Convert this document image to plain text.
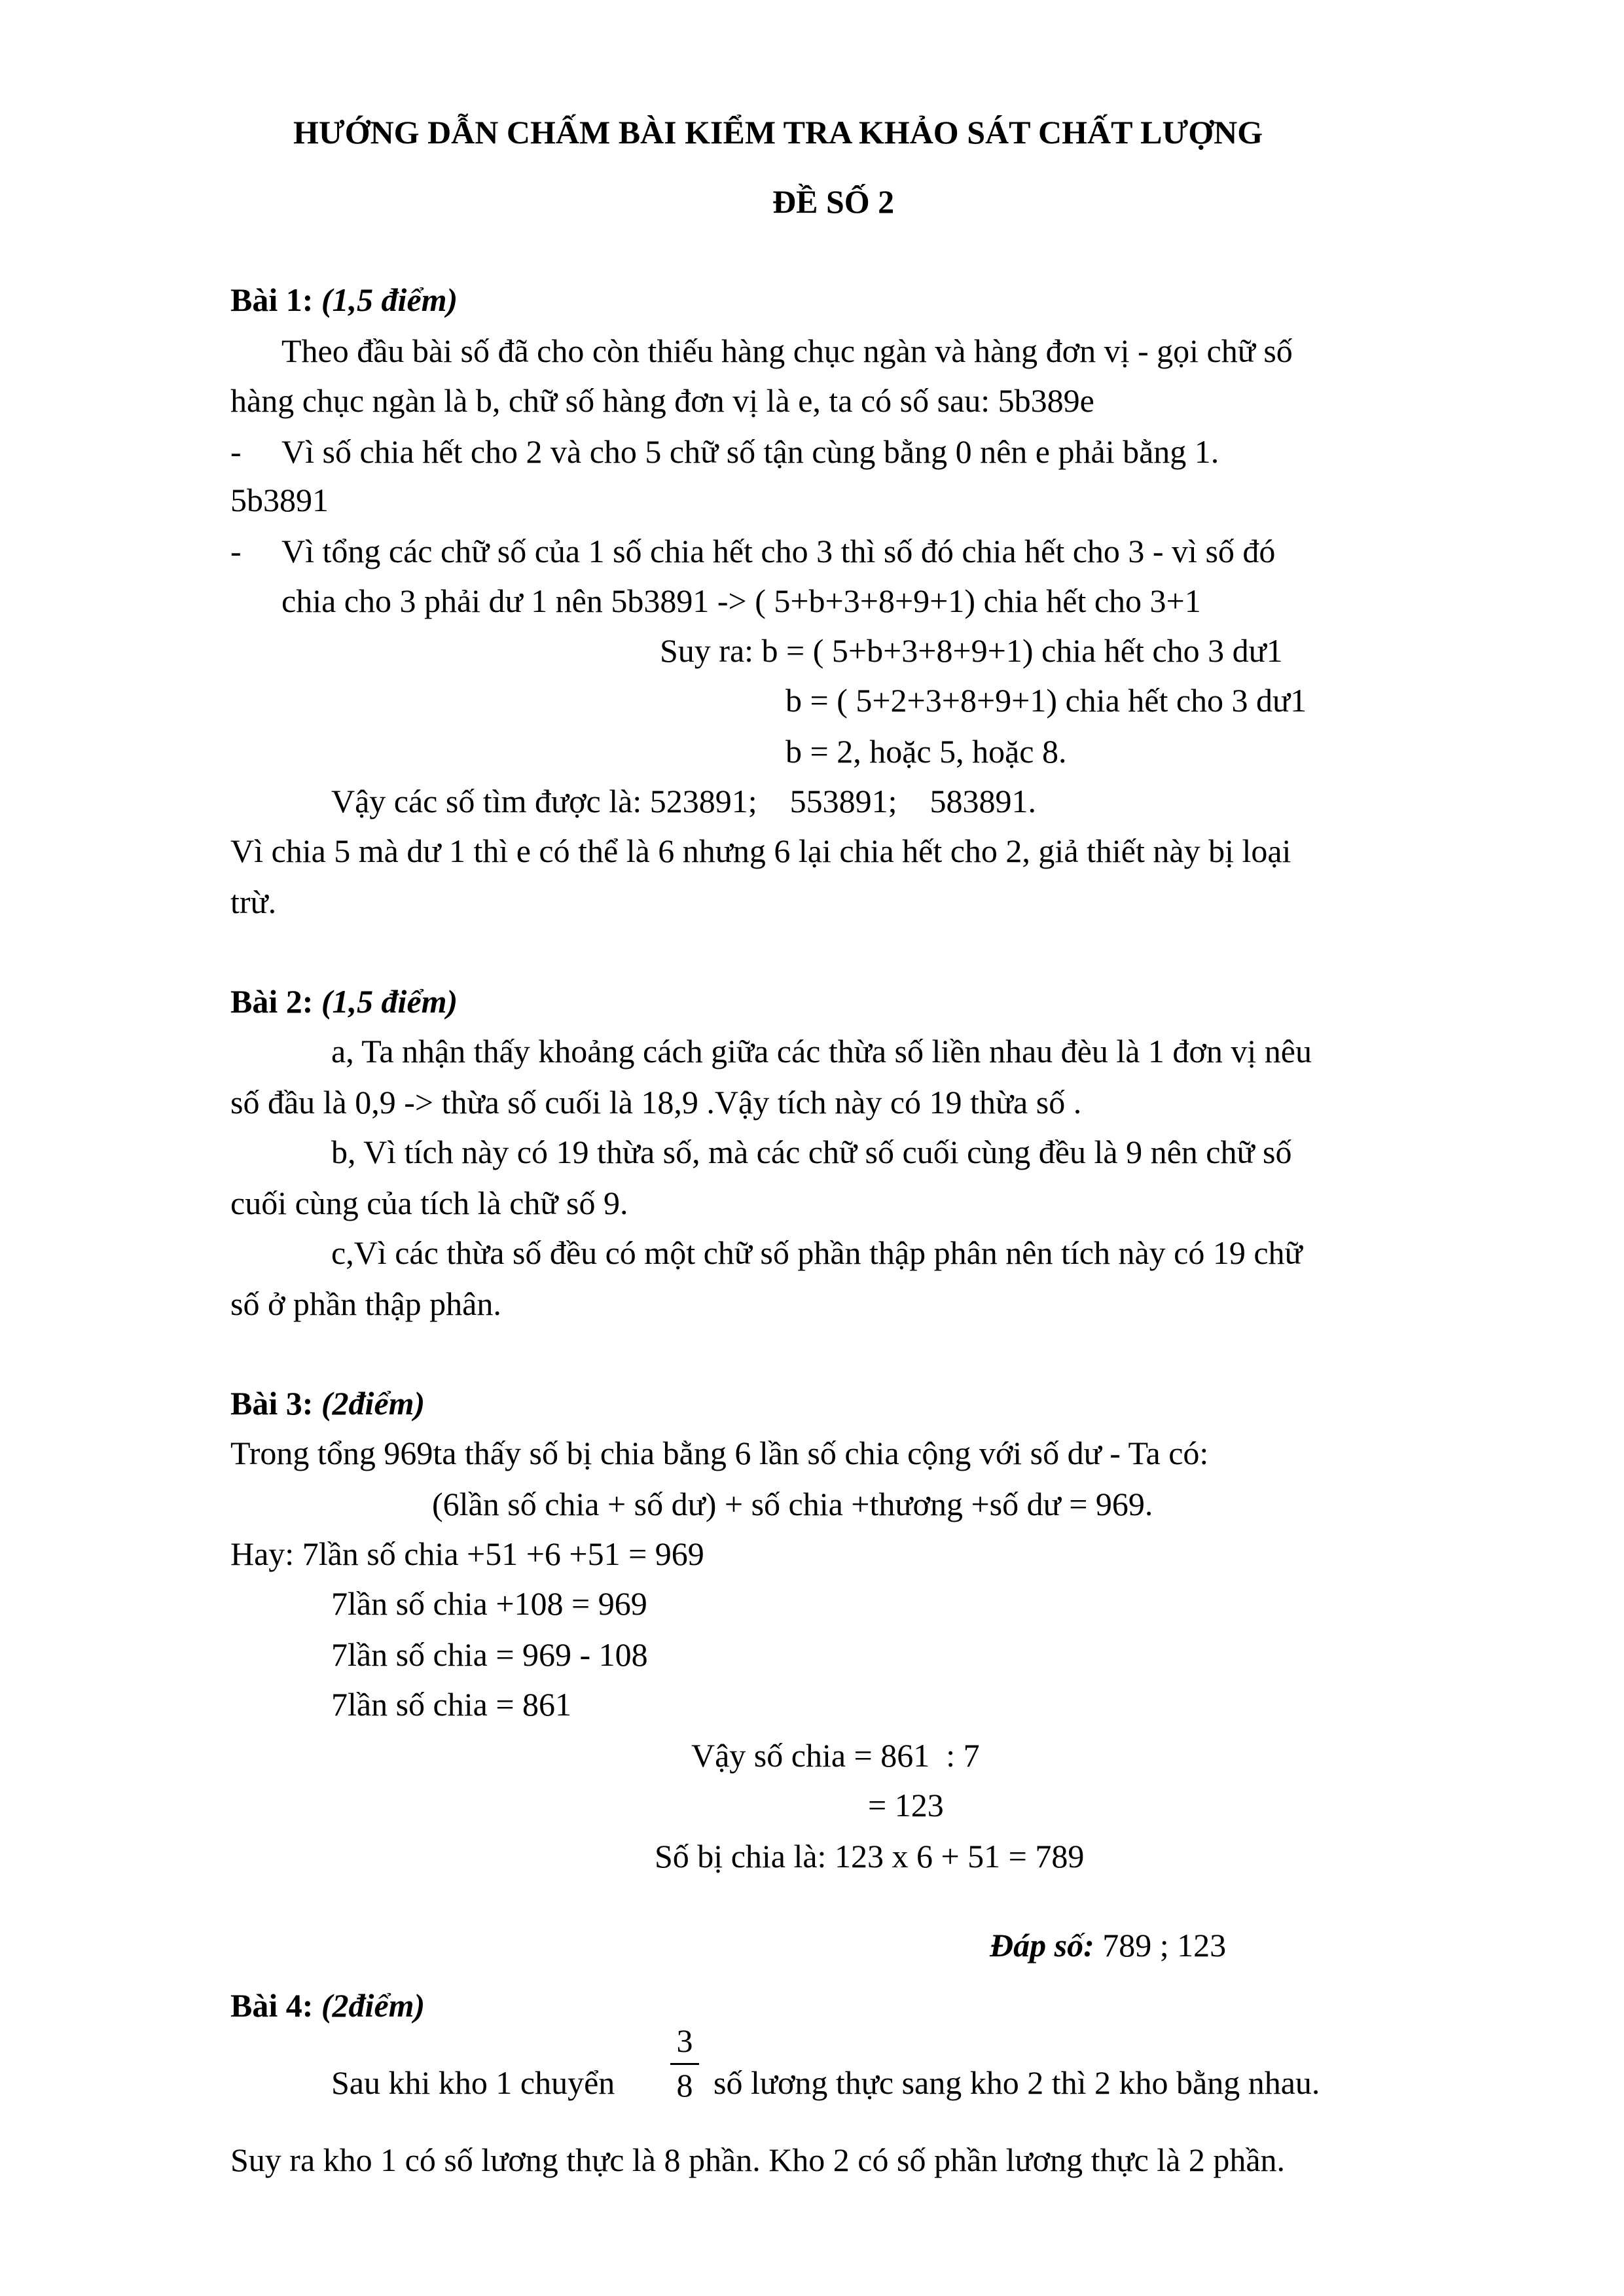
HƯỚNG DẪN CHẤM BÀI KIỂM TRA KHẢO SÁT CHẤT LƯỢNG
ĐỀ SỐ 2
Bài 1: (1,5 điểm)
Theo đầu bài số đã cho còn thiếu hàng chục ngàn và hàng đơn vị - gọi chữ số
hàng chục ngàn là b, chữ số hàng đơn vị là e, ta có số sau: 5b389e
- Vì số chia hết cho 2 và cho 5 chữ số tận cùng bằng 0 nên e phải bằng 1.
5b3891
- Vì tổng các chữ số của 1 số chia hết cho 3 thì số đó chia hết cho 3 - vì số đó
chia cho 3 phải dư 1 nên 5b3891 -> ( 5+b+3+8+9+1) chia hết cho 3+1
Suy ra: b = ( 5+b+3+8+9+1) chia hết cho 3 dư1
b = ( 5+2+3+8+9+1) chia hết cho 3 dư1
b = 2, hoặc 5, hoặc 8.
Vậy các số tìm được là: 523891;    553891;    583891.
Vì chia 5 mà dư 1 thì e có thể là 6 nhưng 6 lại chia hết cho 2, giả thiết này bị loại
trừ.
Bài 2: (1,5 điểm)
a, Ta nhận thấy khoảng cách giữa các thừa số liền nhau đèu là 1 đơn vị nêu
số đầu là 0,9 -> thừa số cuối là 18,9 .Vậy tích này có 19 thừa số .
b, Vì tích này có 19 thừa số, mà các chữ số cuối cùng đều là 9 nên chữ số
cuối cùng của tích là chữ số 9.
c,Vì các thừa số đều có một chữ số phần thập phân nên tích này có 19 chữ
số ở phần thập phân.
Bài 3: (2điểm)
Trong tổng 969ta thấy số bị chia bằng 6 lần số chia cộng với số dư - Ta có:
(6lần số chia + số dư) + số chia +thương +số dư = 969.
Hay: 7lần số chia +51 +6 +51 = 969
7lần số chia +108 = 969
7lần số chia = 969 - 108
7lần số chia = 861
Vậy số chia = 861  : 7
= 123
Số bị chia là: 123 x 6 + 51 = 789

Đáp số: 789 ; 123

Bài 4: (2điểm)
Sau khi kho 1 chuyển
3
8 số lương thực sang kho 2 thì 2 kho bằng nhau.
Suy ra kho 1 có số lương thực là 8 phần. Kho 2 có số phần lương thực là 2 phần.
